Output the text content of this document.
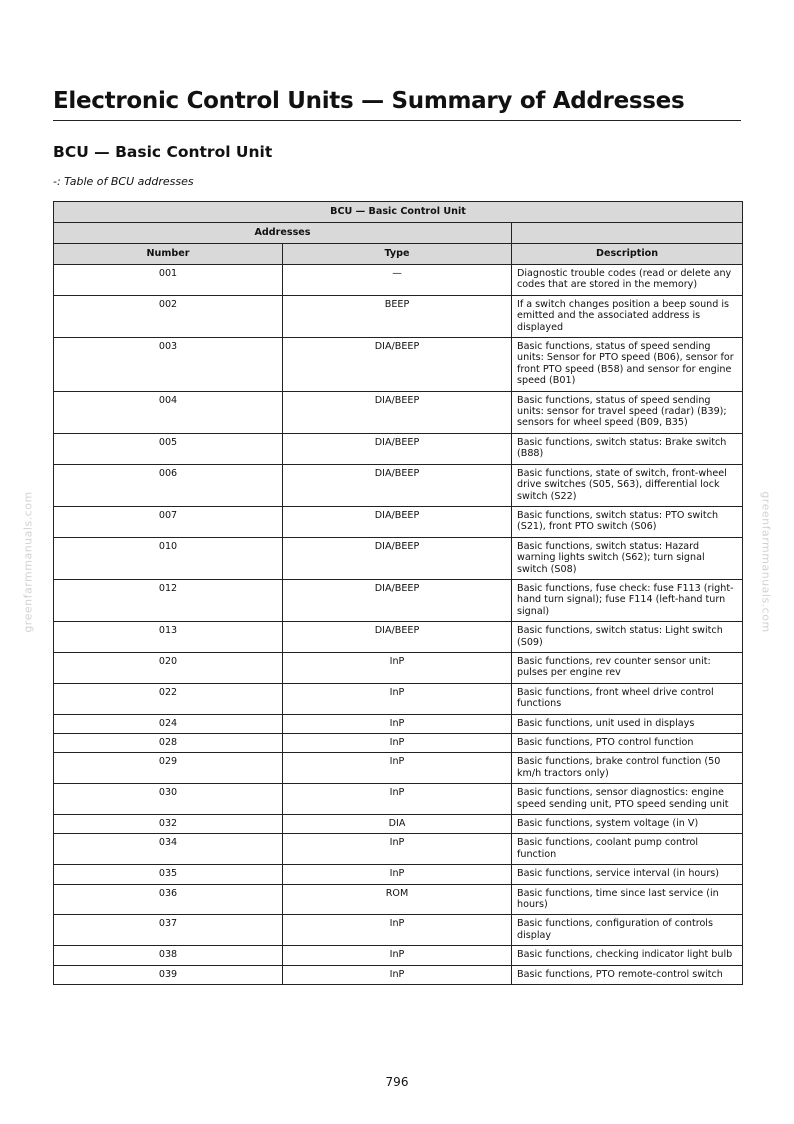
greenfarmmanuals.com	greenfarmmanuals.com
Electronic Control Units — Summary of Addresses
BCU — Basic Control Unit

-: Table of BCU addresses

BCU — Basic Control Unit		
Addresses		
Number	Type	Description
001	—	Diagnostic trouble codes (read or delete any codes that are stored in the memory)
002	BEEP	If a switch changes position a beep sound is emitted and the associated address is displayed
003	DIA/BEEP	Basic functions, status of speed sending units: Sensor for PTO speed (B06), sensor for front PTO speed (B58) and sensor for engine speed (B01)
004	DIA/BEEP	Basic functions, status of speed sending units: sensor for travel speed (radar) (B39); sensors for wheel speed (B09, B35)
005	DIA/BEEP	Basic functions, switch status: Brake switch (B88)
006	DIA/BEEP	Basic functions, state of switch, front-wheel drive switches (S05, S63), differential lock switch (S22)
007	DIA/BEEP	Basic functions, switch status: PTO switch (S21), front PTO switch (S06)
010	DIA/BEEP	Basic functions, switch status: Hazard warning lights switch (S62); turn signal switch (S08)
012	DIA/BEEP	Basic functions, fuse check: fuse F113 (right-hand turn signal); fuse F114 (left-hand turn signal)
013	DIA/BEEP	Basic functions, switch status: Light switch (S09)
020	InP	Basic functions, rev counter sensor unit: pulses per engine rev
022	InP	Basic functions, front wheel drive control functions
024	InP	Basic functions, unit used in displays
028	InP	Basic functions, PTO control function
029	InP	Basic functions, brake control function (50 km/h tractors only)
030	InP	Basic functions, sensor diagnostics: engine speed sending unit, PTO speed sending unit
032	DIA	Basic functions, system voltage (in V)
034	InP	Basic functions, coolant pump control function
035	InP	Basic functions, service interval (in hours)
036	ROM	Basic functions, time since last service (in hours)
037	InP	Basic functions, configuration of controls display
038	InP	Basic functions, checking indicator light bulb
039	InP	Basic functions, PTO remote-control switch

796
